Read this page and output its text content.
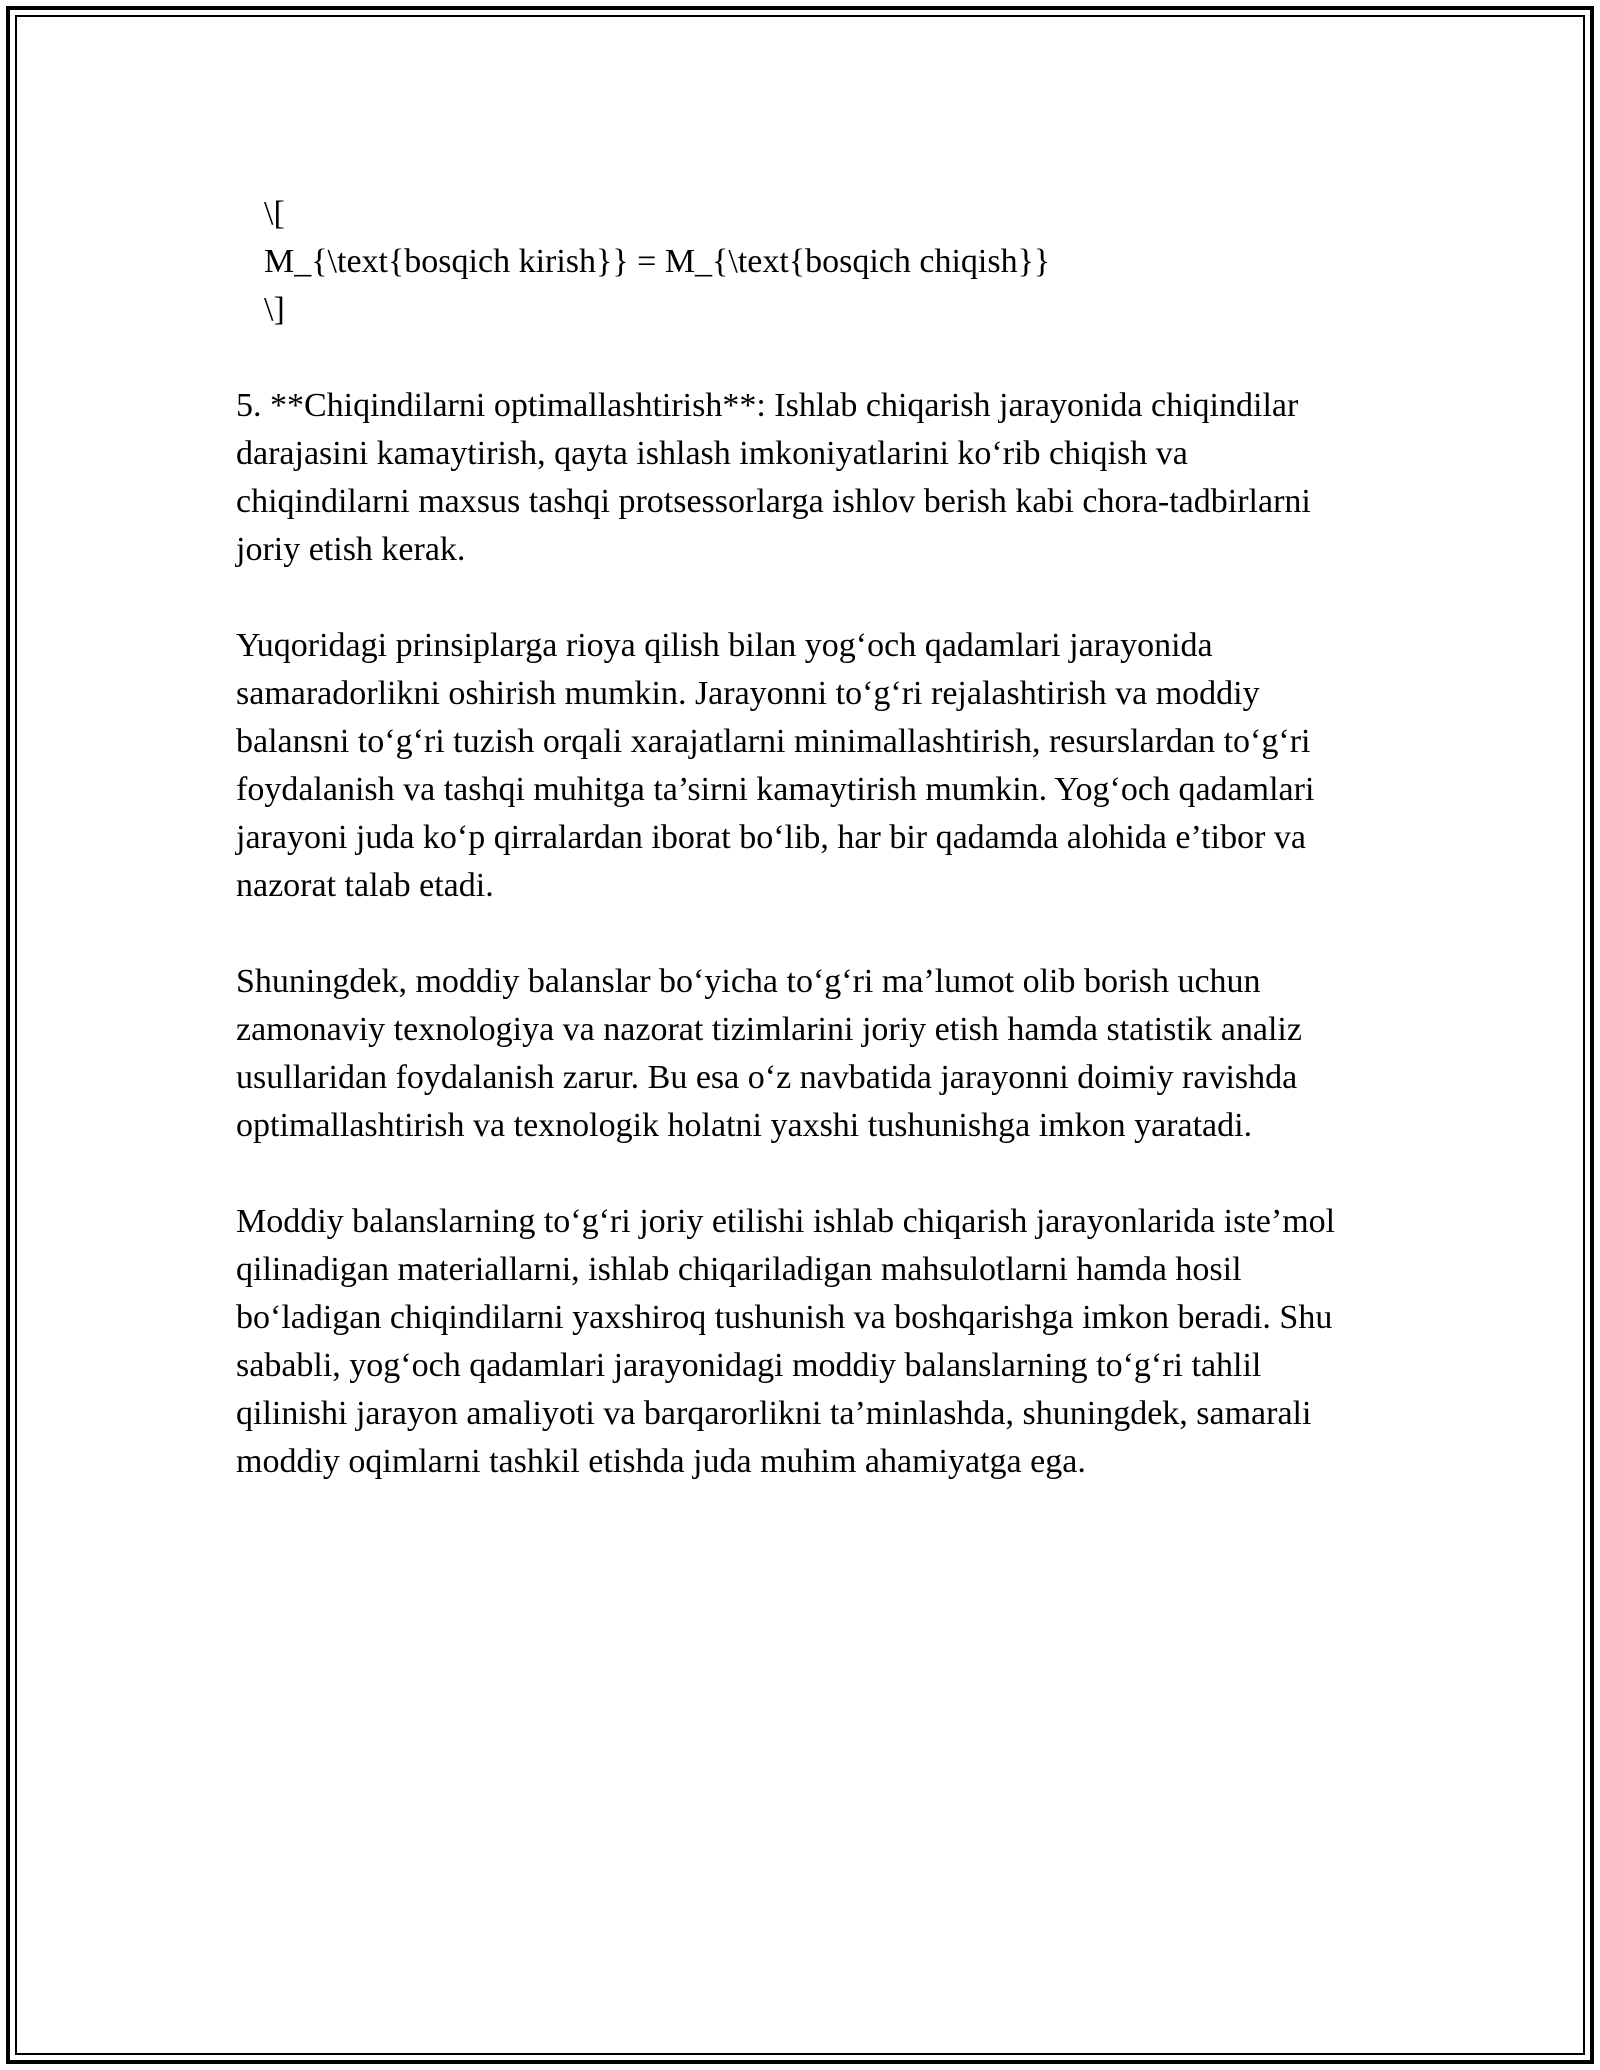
\[
M_{\text{bosqich kirish}} = M_{\text{bosqich chiqish}}
\]

5. **Chiqindilarni optimallashtirish**: Ishlab chiqarish jarayonida chiqindilar darajasini kamaytirish, qayta ishlash imkoniyatlarini ko‘rib chiqish va chiqindilarni maxsus tashqi protsessorlarga ishlov berish kabi chora-tadbirlarni joriy etish kerak.

Yuqoridagi prinsiplarga rioya qilish bilan yog‘och qadamlari jarayonida samaradorlikni oshirish mumkin. Jarayonni to‘g‘ri rejalashtirish va moddiy balansni to‘g‘ri tuzish orqali xarajatlarni minimallashtirish, resurslardan to‘g‘ri foydalanish va tashqi muhitga ta’sirni kamaytirish mumkin. Yog‘och qadamlari jarayoni juda ko‘p qirralardan iborat bo‘lib, har bir qadamda alohida e’tibor va nazorat talab etadi.

Shuningdek, moddiy balanslar bo‘yicha to‘g‘ri ma’lumot olib borish uchun zamonaviy texnologiya va nazorat tizimlarini joriy etish hamda statistik analiz usullaridan foydalanish zarur. Bu esa o‘z navbatida jarayonni doimiy ravishda optimallashtirish va texnologik holatni yaxshi tushunishga imkon yaratadi.

Moddiy balanslarning to‘g‘ri joriy etilishi ishlab chiqarish jarayonlarida iste’mol qilinadigan materiallarni, ishlab chiqariladigan mahsulotlarni hamda hosil bo‘ladigan chiqindilarni yaxshiroq tushunish va boshqarishga imkon beradi. Shu sababli, yog‘och qadamlari jarayonidagi moddiy balanslarning to‘g‘ri tahlil qilinishi jarayon amaliyoti va barqarorlikni ta’minlashda, shuningdek, samarali moddiy oqimlarni tashkil etishda juda muhim ahamiyatga ega.
